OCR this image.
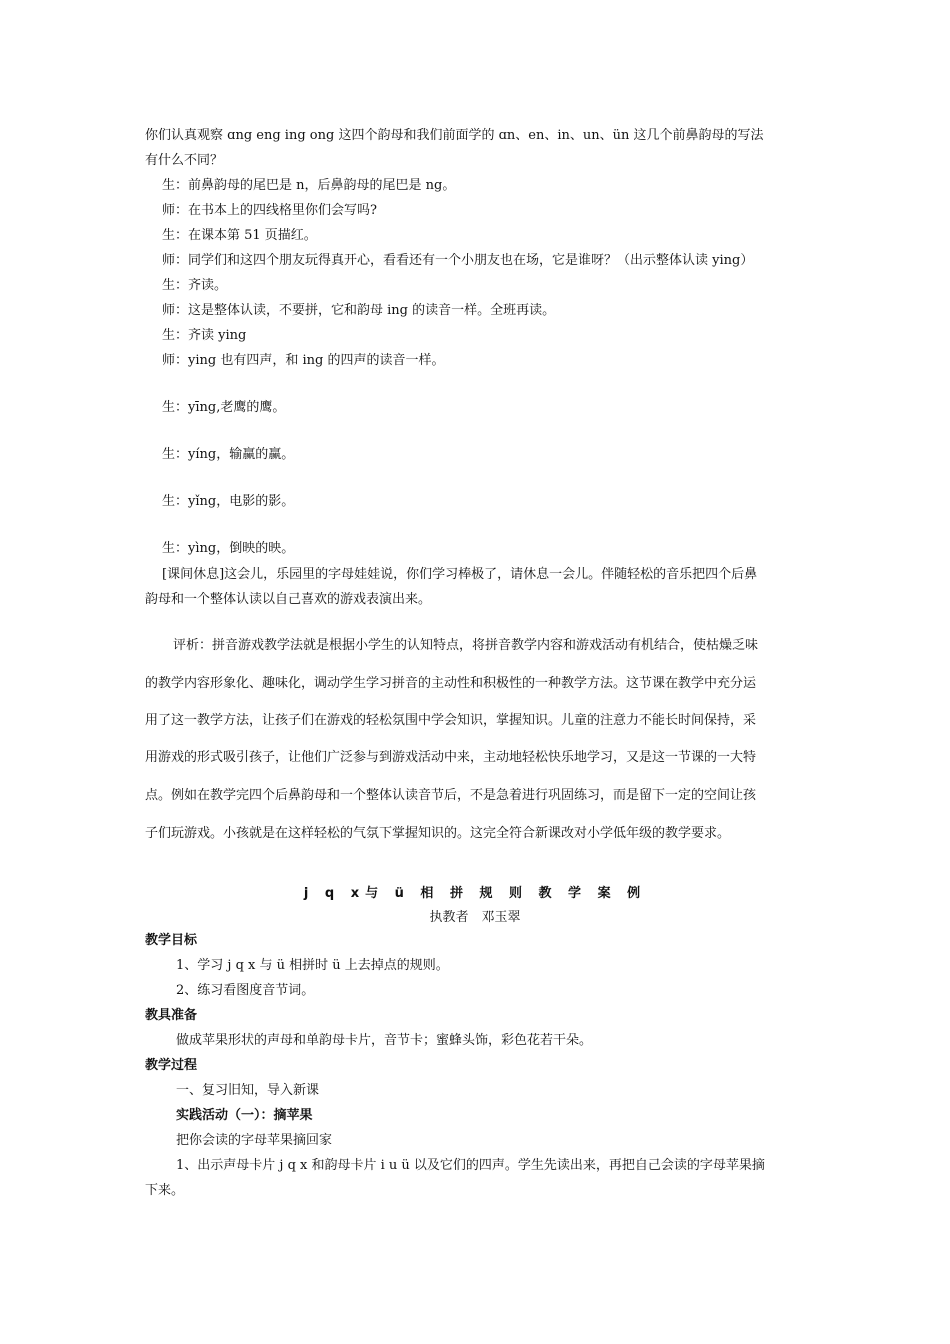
你们认真观察 ɑng eng ing ong 这四个韵母和我们前面学的 ɑn、en、in、un、ün 这几个前鼻韵母的写法
有什么不同？
生：前鼻韵母的尾巴是 n，后鼻韵母的尾巴是 ng。
师：在书本上的四线格里你们会写吗?
生：在课本第 51 页描红。
师：同学们和这四个朋友玩得真开心，看看还有一个小朋友也在场，它是谁呀？（出示整体认读 ying）
生：齐读。
师：这是整体认读，不要拼，它和韵母 ing 的读音一样。全班再读。
生：齐读 ying
师：ying 也有四声，和 ing 的四声的读音一样。
生：yīng,老鹰的鹰。
生：yíng，输赢的赢。
生：yǐng，电影的影。
生：yìng，倒映的映。
[课间休息]这会儿，乐园里的字母娃娃说，你们学习棒极了，请休息一会儿。伴随轻松的音乐把四个后鼻
韵母和一个整体认读以自己喜欢的游戏表演出来。
评析：拼音游戏教学法就是根据小学生的认知特点，将拼音教学内容和游戏活动有机结合，使枯燥乏味
的教学内容形象化、趣味化，调动学生学习拼音的主动性和积极性的一种教学方法。这节课在教学中充分运
用了这一教学方法，让孩子们在游戏的轻松氛围中学会知识，掌握知识。儿童的注意力不能长时间保持，采
用游戏的形式吸引孩子，让他们广泛参与到游戏活动中来，主动地轻松快乐地学习，又是这一节课的一大特
点。例如在教学完四个后鼻韵母和一个整体认读音节后，不是急着进行巩固练习，而是留下一定的空间让孩
子们玩游戏。小孩就是在这样轻松的气氛下掌握知识的。这完全符合新课改对小学低年级的教学要求。
j q x与 ü 相 拼 规 则 教 学 案 例
执教者　邓玉翠
教学目标
1、学习 j q x 与 ü 相拼时 ü 上去掉点的规则。
2、练习看图度音节词。
教具准备
做成苹果形状的声母和单韵母卡片，音节卡；蜜蜂头饰，彩色花若干朵。
教学过程
一、复习旧知，导入新课
实践活动（一）：摘苹果
把你会读的字母苹果摘回家
1、出示声母卡片 j q x 和韵母卡片 i u ü 以及它们的四声。学生先读出来，再把自己会读的字母苹果摘
下来。
